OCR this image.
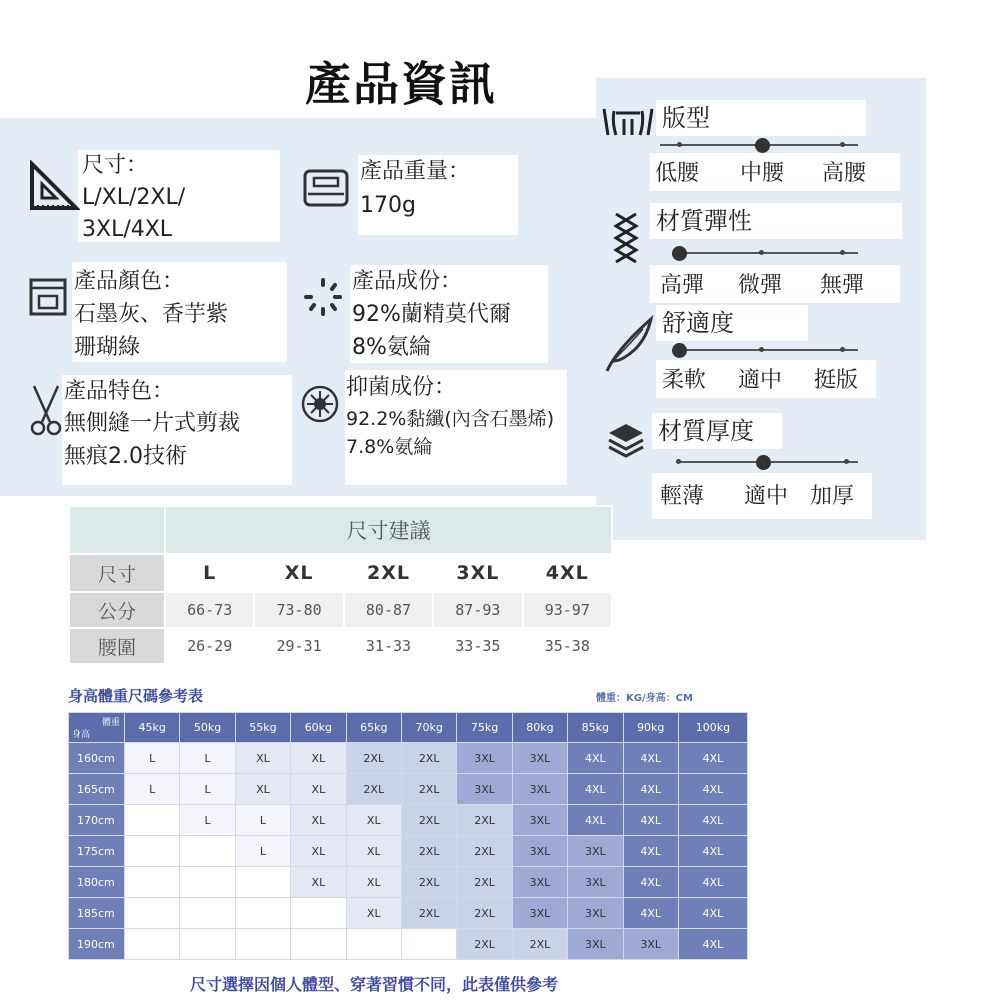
產品資訊
尺寸：
L/XL/2XL/
3XL/4XL
產品重量：
170g
產品顏色：
石墨灰、香芋紫
珊瑚綠
產品成份：
92%蘭精莫代爾
8%氨綸
產品特色：
無側縫一片式剪裁
無痕2.0技術
抑菌成份：
92.2%黏纖(內含石墨烯)
7.8%氨綸
版型
低腰 中腰 高腰
材質彈性
高彈 微彈 無彈
舒適度
柔軟 適中 挺版
材質厚度
輕薄 適中 加厚
	尺寸建議				
尺寸	L	XL	2XL	3XL	4XL
公分	66-73	73-80	80-87	87-93	93-97
腰圍	26-29	29-31	31-33	33-35	35-38
身高體重尺碼參考表	體重：KG/身高：CM
體重
身高	45kg	50kg	55kg	60kg	65kg	70kg	75kg	80kg	85kg	90kg	100kg
160cm	L	L	XL	XL	2XL	2XL	3XL	3XL	4XL	4XL	4XL
165cm	L	L	XL	XL	2XL	2XL	3XL	3XL	4XL	4XL	4XL
170cm		L	L	XL	XL	2XL	2XL	3XL	4XL	4XL	4XL
175cm			L	XL	XL	2XL	2XL	3XL	3XL	4XL	4XL
180cm				XL	XL	2XL	2XL	3XL	3XL	4XL	4XL
185cm					XL	2XL	2XL	3XL	3XL	4XL	4XL
190cm							2XL	2XL	3XL	3XL	4XL
尺寸選擇因個人體型、穿著習慣不同，此表僅供參考
